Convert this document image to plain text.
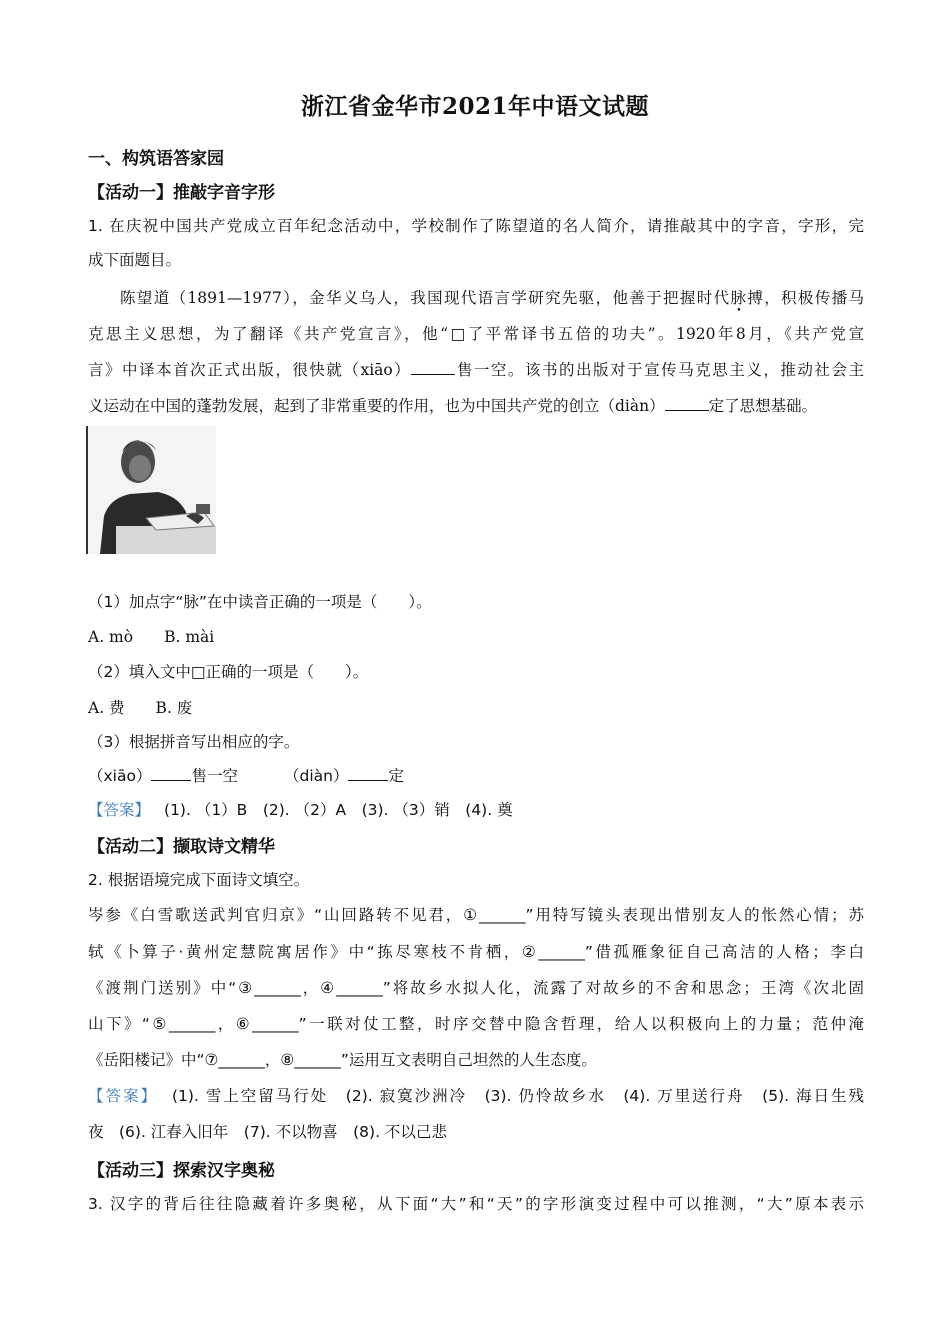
浙江省金华市2021年中语文试题
一、构筑语答家园
【活动一】推敲字音字形
1. 在庆祝中国共产党成立百年纪念活动中，学校制作了陈望道的名人简介，请推敲其中的字音，字形，完
成下面题目。
陈望道（1891—1977），金华义乌人，我国现代语言学研究先驱，他善于把握时代脉搏，积极传播马
克思主义思想，为了翻译《共产党宣言》，他“□了平常译书五倍的功夫”。1920年8月，《共产党宣
言》中译本首次正式出版，很快就（xiāo）	售一空。该书的出版对于宣传马克思主义，推动社会主
义运动在中国的蓬勃发展，起到了非常重要的作用，也为中国共产党的创立（diàn）	定了思想基础。
（1）加点字“脉”在中读音正确的一项是（　　）。
A. mò　　B. mài
（2）填入文中□正确的一项是（　　）。
A. 费　　B. 废
（3）根据拼音写出相应的字。
（xiāo）	售一空	（diàn）	定
【答案】 (1). （1）B　(2). （2）A　(3). （3）销　(4). 奠
【活动二】撷取诗文精华
2. 根据语境完成下面诗文填空。
岑参《白雪歌送武判官归京》“山回路转不见君，①______”用特写镜头表现出惜别友人的怅然心情；苏
轼《卜算子·黄州定慧院寓居作》中“拣尽寒枝不肯栖，②______”借孤雁象征自己高洁的人格；李白
《渡荆门送别》中“③______，④______”将故乡水拟人化，流露了对故乡的不舍和思念；王湾《次北固
山下》“⑤______，⑥______”一联对仗工整，时序交替中隐含哲理，给人以积极向上的力量；范仲淹
《岳阳楼记》中“⑦______，⑧______”运用互文表明自己坦然的人生态度。
【答案】 (1). 雪上空留马行处　(2). 寂寞沙洲冷　(3). 仍怜故乡水　(4). 万里送行舟　(5). 海日生残
夜　(6). 江春入旧年　(7). 不以物喜　(8). 不以己悲
【活动三】探索汉字奥秘
3. 汉字的背后往往隐藏着许多奥秘，从下面“大”和“天”的字形演变过程中可以推测，“大”原本表示
